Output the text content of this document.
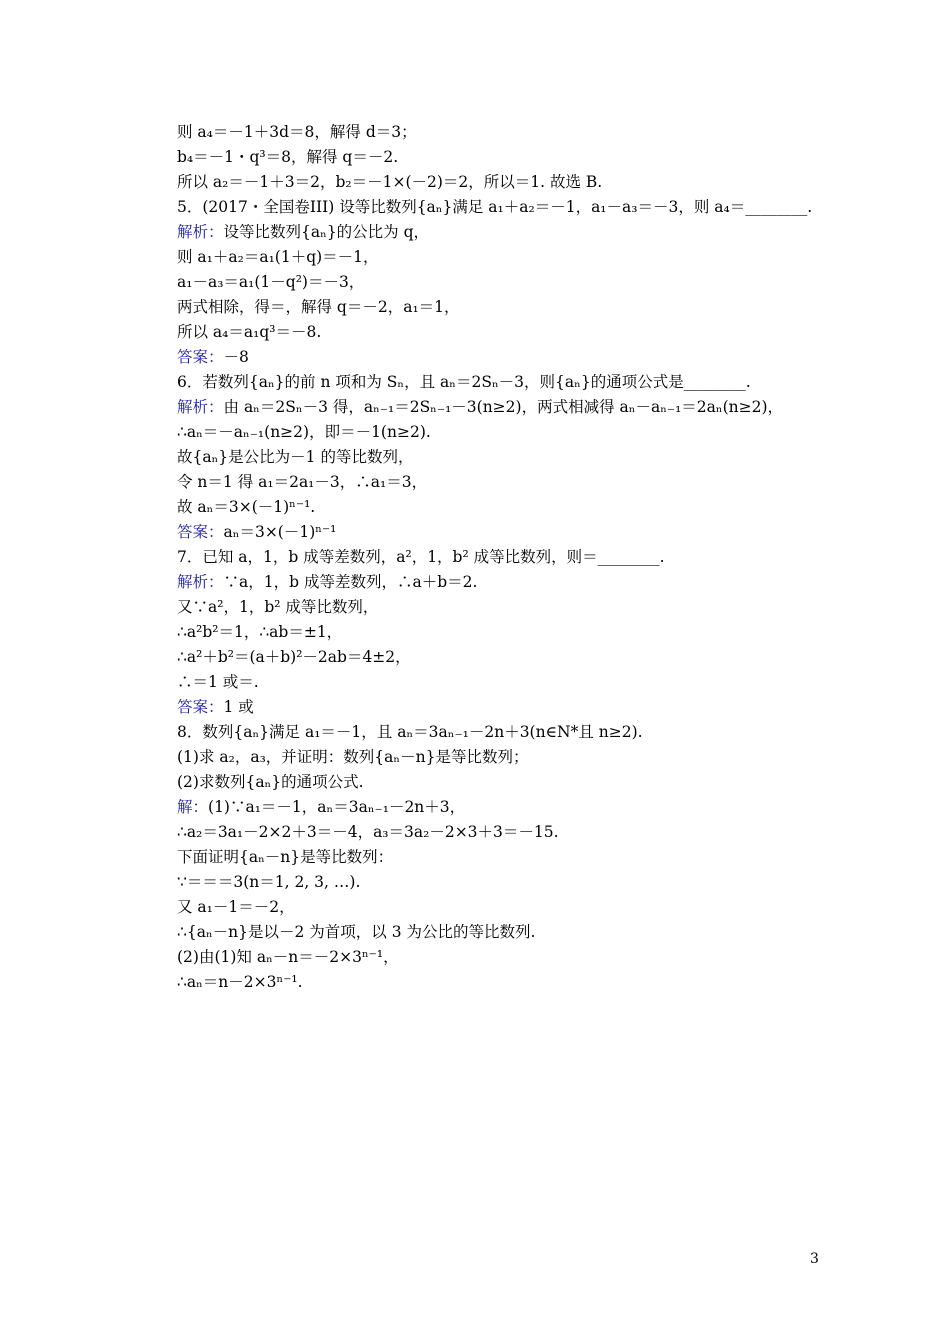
则 a₄＝－1＋3d＝8，解得 d＝3；
b₄＝－1・q³＝8，解得 q＝－2.
所以 a₂＝－1＋3＝2，b₂＝－1×(－2)＝2，所以＝1. 故选 B.
5．(2017・全国卷III) 设等比数列{aₙ}满足 a₁＋a₂＝－1，a₁－a₃＝－3，则 a₄＝________.
解析：设等比数列{aₙ}的公比为 q，
则 a₁＋a₂＝a₁(1＋q)＝－1，
a₁－a₃＝a₁(1－q²)＝－3，
两式相除，得＝，解得 q＝－2，a₁＝1，
所以 a₄＝a₁q³＝－8.
答案：－8
6．若数列{aₙ}的前 n 项和为 Sₙ，且 aₙ＝2Sₙ－3，则{aₙ}的通项公式是________.
解析：由 aₙ＝2Sₙ－3 得，aₙ₋₁＝2Sₙ₋₁－3(n≥2)，两式相减得 aₙ－aₙ₋₁＝2aₙ(n≥2)，
∴aₙ＝－aₙ₋₁(n≥2)，即＝－1(n≥2).
故{aₙ}是公比为－1 的等比数列，
令 n＝1 得 a₁＝2a₁－3，∴a₁＝3，
故 aₙ＝3×(－1)ⁿ⁻¹.
答案：aₙ＝3×(－1)ⁿ⁻¹
7．已知 a，1，b 成等差数列，a²，1，b² 成等比数列，则＝________.
解析：∵a，1，b 成等差数列，∴a＋b＝2.
又∵a²，1，b² 成等比数列，
∴a²b²＝1，∴ab＝±1，
∴a²＋b²＝(a＋b)²－2ab＝4±2，
∴＝1 或＝.
答案：1 或
8．数列{aₙ}满足 a₁＝－1，且 aₙ＝3aₙ₋₁－2n＋3(n∈N*且 n≥2).
(1)求 a₂，a₃，并证明：数列{aₙ－n}是等比数列；
(2)求数列{aₙ}的通项公式.
解：(1)∵a₁＝－1，aₙ＝3aₙ₋₁－2n＋3，
∴a₂＝3a₁－2×2＋3＝－4，a₃＝3a₂－2×3＋3＝－15.
下面证明{aₙ－n}是等比数列：
∵＝＝＝3(n＝1, 2, 3, …).
又 a₁－1＝－2，
∴{aₙ－n}是以－2 为首项，以 3 为公比的等比数列.
(2)由(1)知 aₙ－n＝－2×3ⁿ⁻¹，
∴aₙ＝n－2×3ⁿ⁻¹.
3
